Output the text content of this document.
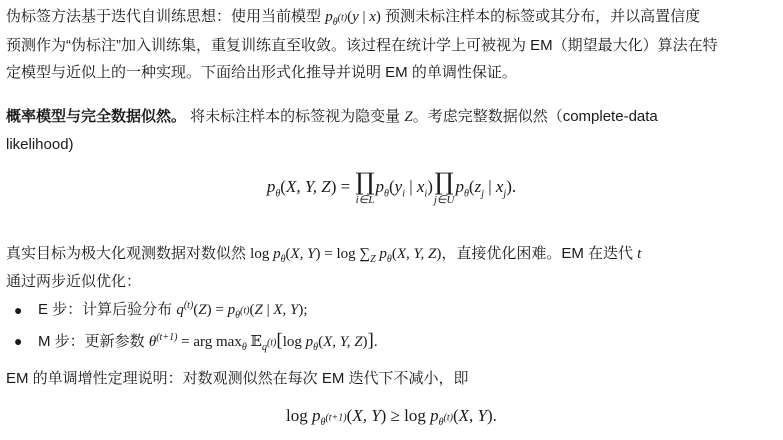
伪标签方法基于迭代自训练思想：使用当前模型 $p_{\theta^{(t)}}(y$ | x) 预测未标注样本的标签或其分布，并以高置信度
预测作为“伪标注”加入训练集，重复训练直至收敛。该过程在统计学上可被视为 EM（期望最大化）算法在特
定模型与近似上的一种实现。下面给出形式化推导并说明 EM 的单调性保证。
概率模型与完全数据似然。 将未标注样本的标签视为隐变量 Z。考虑完整数据似然（complete-data
likelihood)
$p_\theta(X$, Y, Z) = ∏
i∈L
$p_\theta(y_i$ | $x_i$) ∏
j∈U
$p_\theta(z_j$ | $x_j$).
真实目标为极大化观测数据对数似然 $\log p_\theta(X$, $Y) = \log \sum_Z$ $p_\theta(X$, Y, Z)，直接优化困难。EM 在迭代 t
通过两步近似优化：
● E 步：计算后验分布 $q^{(t)}(Z) = p_{\theta^{(t)}}(Z$ | X, Y);
● M 步：更新参数 $\theta^{(t+1)}$ = arg $\max_\theta$ 𝔼$_{q^{(t)}}$[log $p_\theta(X$, Y, Z)].
EM 的单调增性定理说明：对数观测似然在每次 EM 迭代下不减小，即
$\log p_{\theta^{(t+1)}}(X$, $Y) \ge \log p_{\theta^{(t)}}(X$, Y).
